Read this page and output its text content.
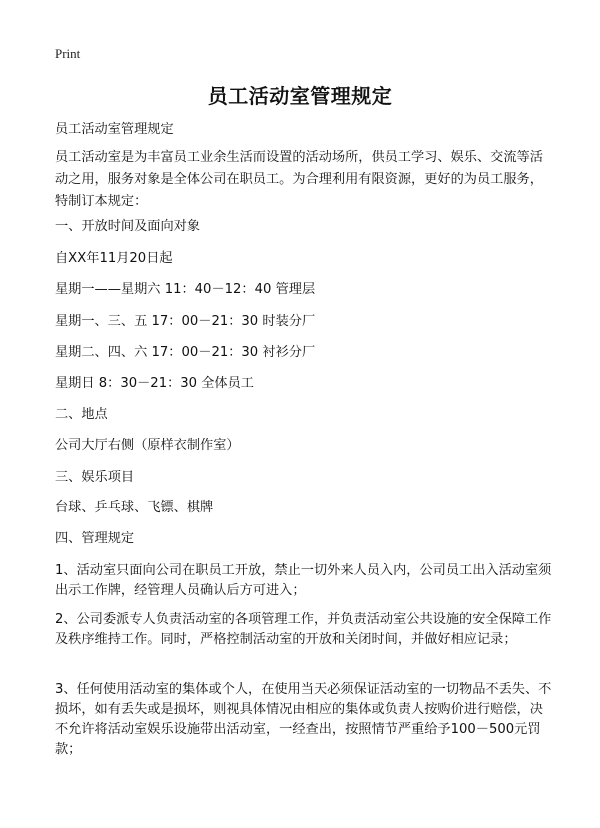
Print
员工活动室管理规定
员工活动室管理规定
员工活动室是为丰富员工业余生活而设置的活动场所，供员工学习、娱乐、交流等活动之用，服务对象是全体公司在职员工。为合理利用有限资源，更好的为员工服务，特制订本规定：
一、开放时间及面向对象
自XX年11月20日起
星期一——星期六 11：40－12：40 管理层
星期一、三、五 17：00－21：30 时装分厂
星期二、四、六 17：00－21：30 衬衫分厂
星期日 8：30－21：30 全体员工
二、地点
公司大厅右侧（原样衣制作室）
三、娱乐项目
台球、乒乓球、飞镖、棋牌
四、管理规定
1、活动室只面向公司在职员工开放，禁止一切外来人员入内，公司员工出入活动室须出示工作牌，经管理人员确认后方可进入；
2、公司委派专人负责活动室的各项管理工作，并负责活动室公共设施的安全保障工作及秩序维持工作。同时，严格控制活动室的开放和关闭时间，并做好相应记录；
3、任何使用活动室的集体或个人，在使用当天必须保证活动室的一切物品不丢失、不损坏，如有丢失或是损坏，则视具体情况由相应的集体或负责人按购价进行赔偿，决不允许将活动室娱乐设施带出活动室，一经查出，按照情节严重给予100－500元罚款；
